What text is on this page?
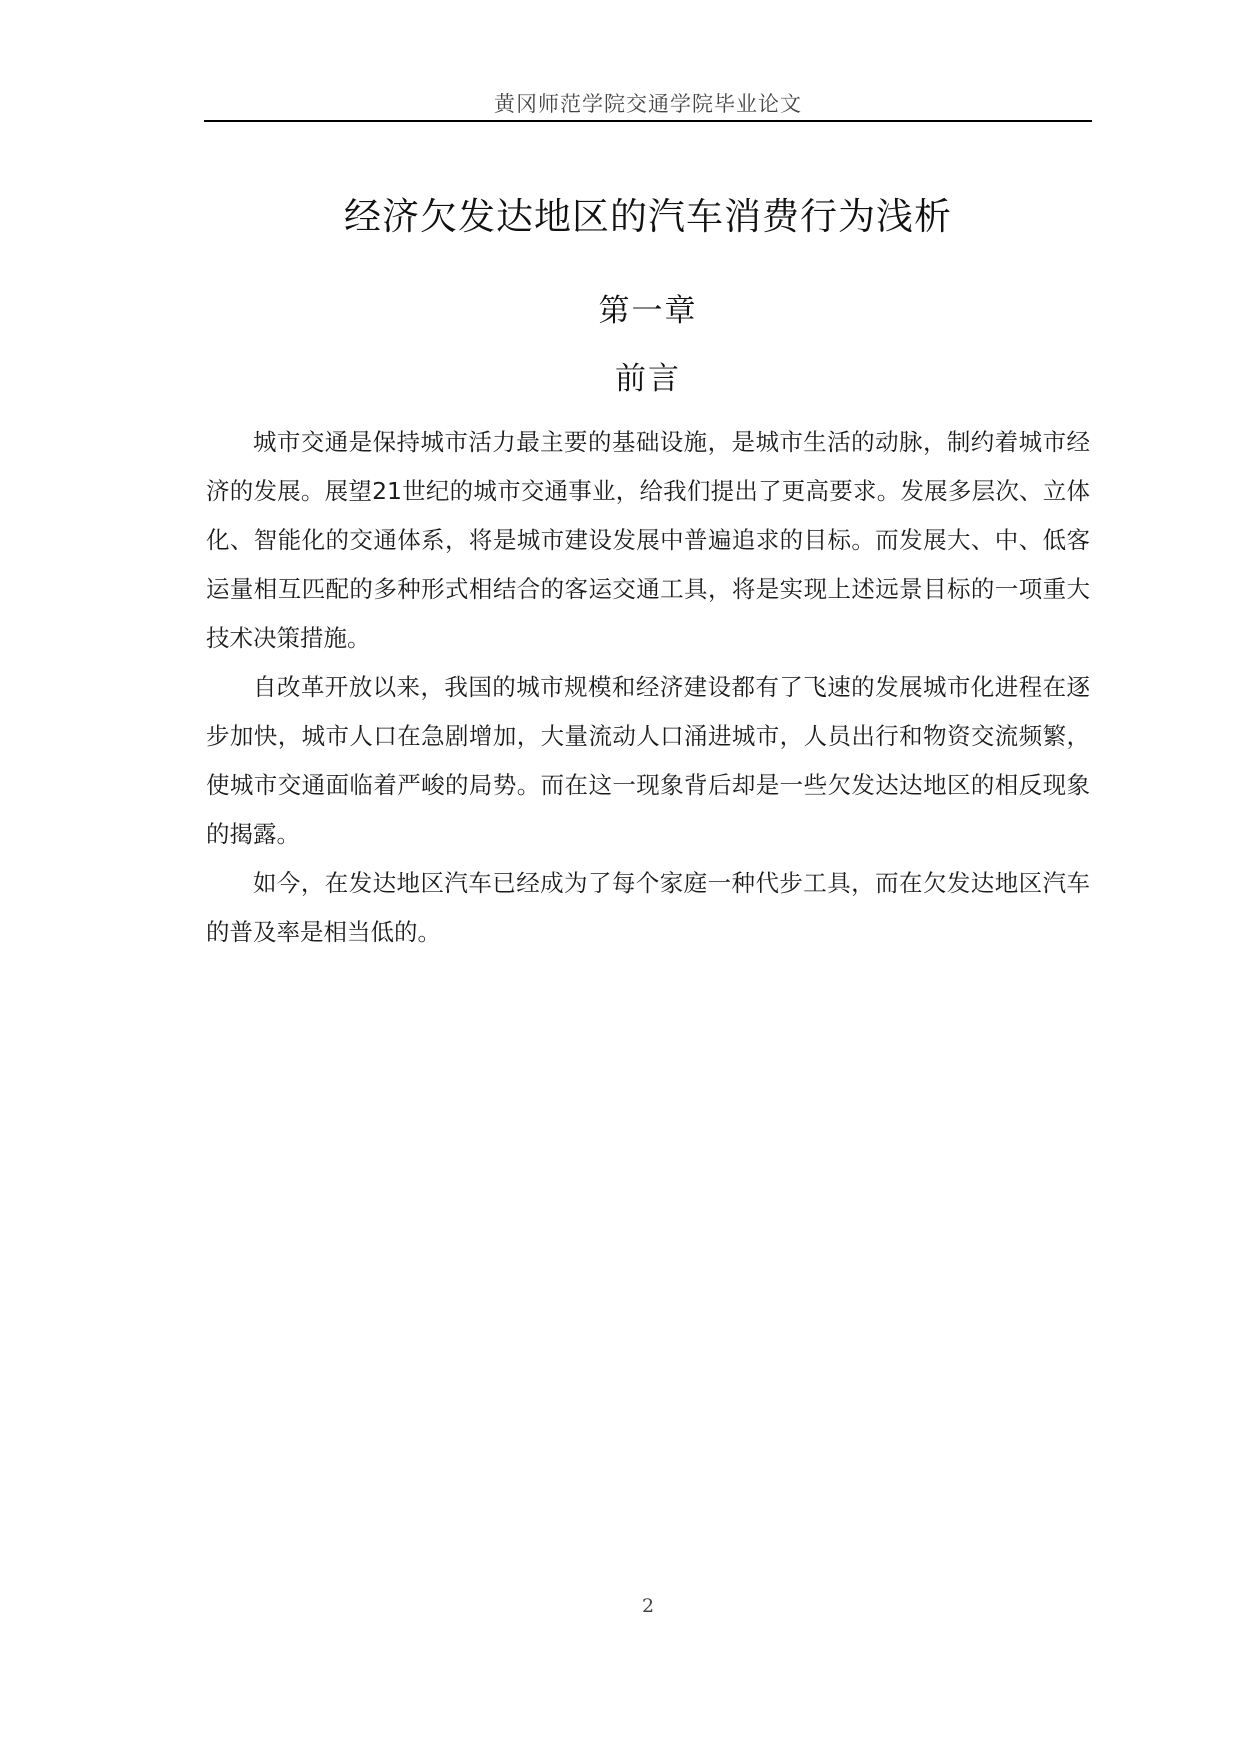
黄冈师范学院交通学院毕业论文
经济欠发达地区的汽车消费行为浅析
第一章
前言

城市交通是保持城市活力最主要的基础设施，是城市生活的动脉，制约着城市经济的发展。展望21世纪的城市交通事业，给我们提出了更高要求。发展多层次、立体化、智能化的交通体系，将是城市建设发展中普遍追求的目标。而发展大、中、低客运量相互匹配的多种形式相结合的客运交通工具，将是实现上述远景目标的一项重大技术决策措施。

自改革开放以来，我国的城市规模和经济建设都有了飞速的发展城市化进程在逐步加快，城市人口在急剧增加，大量流动人口涌进城市，人员出行和物资交流频繁，使城市交通面临着严峻的局势。而在这一现象背后却是一些欠发达达地区的相反现象的揭露。

如今，在发达地区汽车已经成为了每个家庭一种代步工具，而在欠发达地区汽车的普及率是相当低的。

2
